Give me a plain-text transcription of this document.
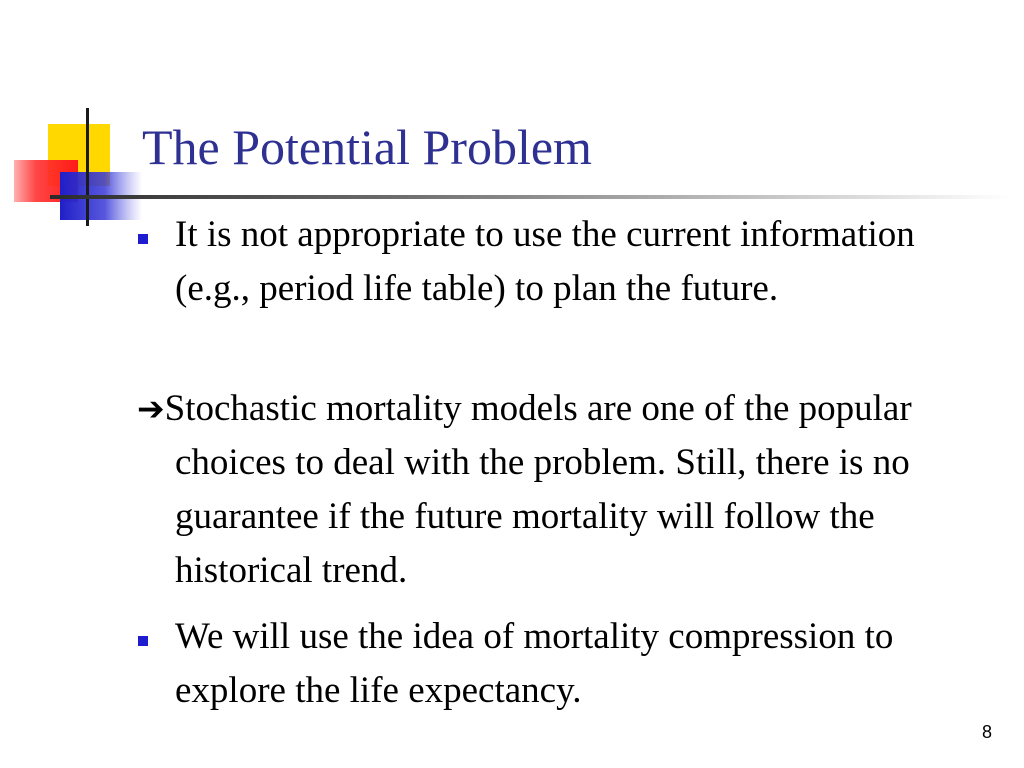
The Potential Problem

It is not appropriate to use the current information (e.g., period life table) to plan the future.

➔Stochastic mortality models are one of the popular choices to deal with the problem. Still, there is no guarantee if the future mortality will follow the historical trend.

We will use the idea of mortality compression to explore the life expectancy.

8
